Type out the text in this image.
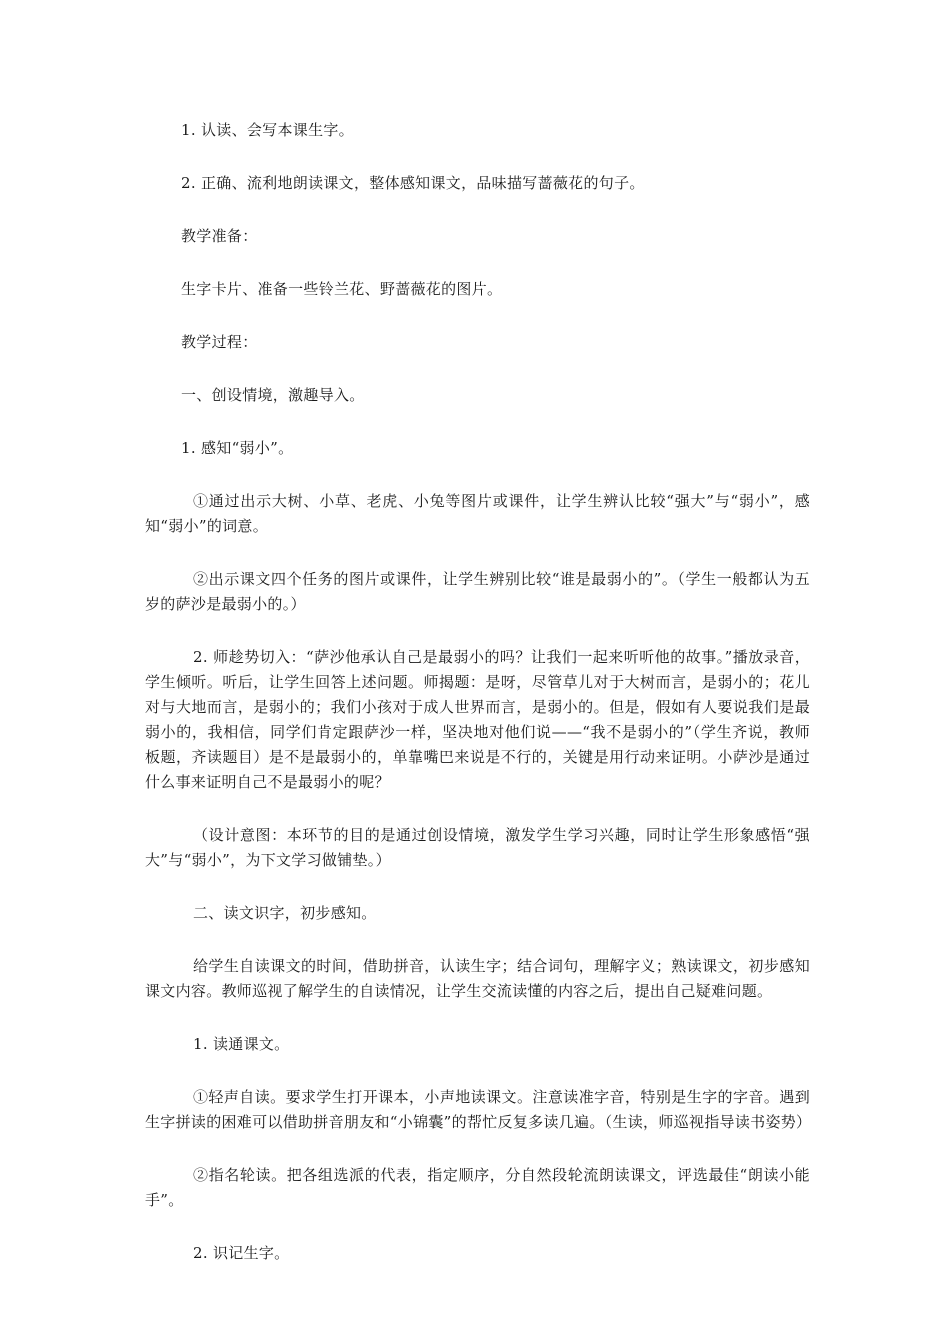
1. 认读、会写本课生字。

2. 正确、流利地朗读课文，整体感知课文，品味描写蔷薇花的句子。

教学准备：

生字卡片、准备一些铃兰花、野蔷薇花的图片。

教学过程：

一、创设情境，激趣导入。

1. 感知“弱小”。

①通过出示大树、小草、老虎、小兔等图片或课件，让学生辨认比较“强大”与“弱小”，感知“弱小”的词意。

②出示课文四个任务的图片或课件，让学生辨别比较“谁是最弱小的”。（学生一般都认为五岁的萨沙是最弱小的。）

2. 师趁势切入：“萨沙他承认自己是最弱小的吗？让我们一起来听听他的故事。”播放录音，学生倾听。听后，让学生回答上述问题。师揭题：是呀，尽管草儿对于大树而言，是弱小的；花儿对与大地而言，是弱小的；我们小孩对于成人世界而言，是弱小的。但是，假如有人要说我们是最弱小的，我相信，同学们肯定跟萨沙一样，坚决地对他们说——“我不是弱小的”（学生齐说，教师板题，齐读题目）是不是最弱小的，单靠嘴巴来说是不行的，关键是用行动来证明。小萨沙是通过什么事来证明自己不是最弱小的呢？

（设计意图：本环节的目的是通过创设情境，激发学生学习兴趣，同时让学生形象感悟“强大”与“弱小”，为下文学习做铺垫。）

二、读文识字，初步感知。

给学生自读课文的时间，借助拼音，认读生字；结合词句，理解字义；熟读课文，初步感知课文内容。教师巡视了解学生的自读情况，让学生交流读懂的内容之后，提出自己疑难问题。

1. 读通课文。

①轻声自读。要求学生打开课本，小声地读课文。注意读准字音，特别是生字的字音。遇到生字拼读的困难可以借助拼音朋友和“小锦囊”的帮忙反复多读几遍。（生读，师巡视指导读书姿势）

②指名轮读。把各组选派的代表，指定顺序，分自然段轮流朗读课文，评选最佳“朗读小能手”。

2. 识记生字。
